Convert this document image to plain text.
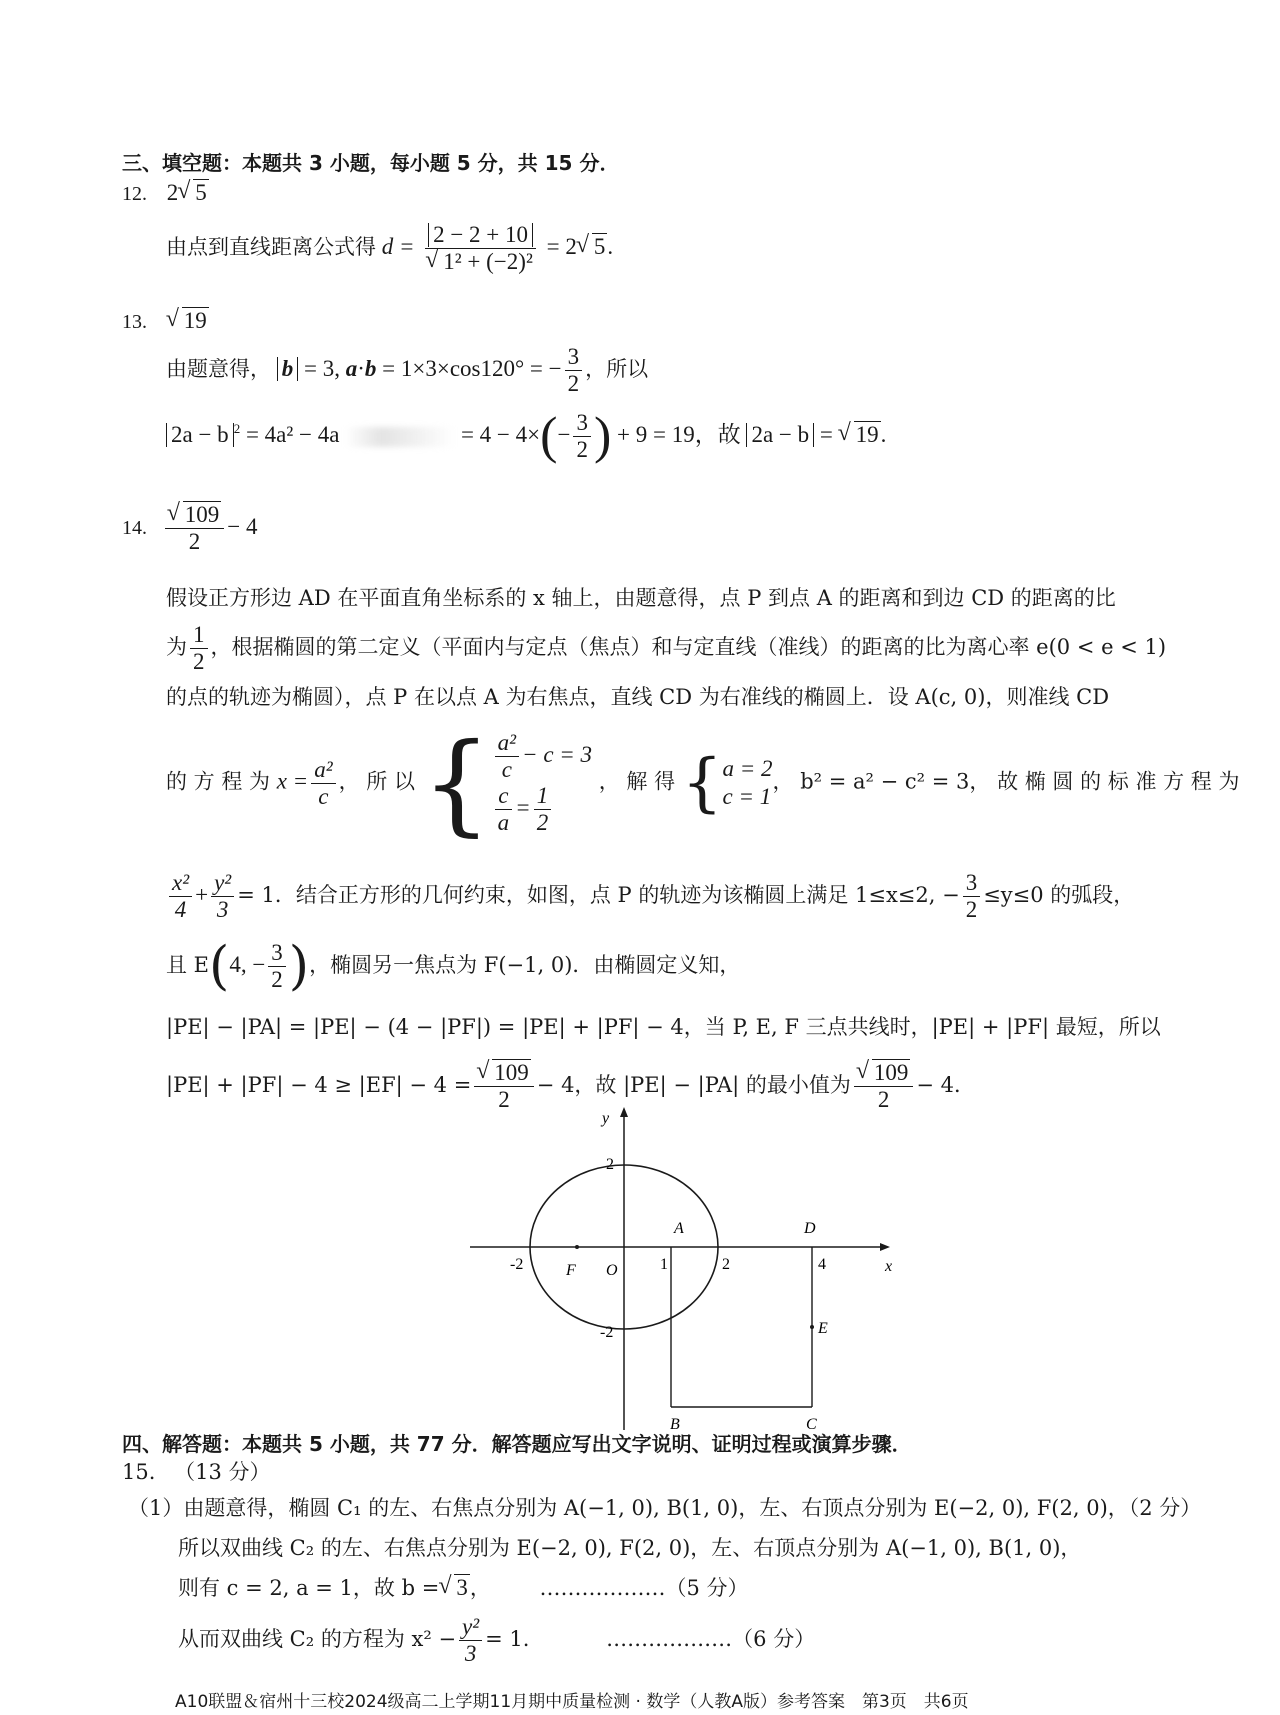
三、填空题：本题共 3 小题，每小题 5 分，共 15 分．
12. 2 √ 5
由点到直线距离公式得 d = 2 − 2 + 10
√ 1² + (−2)² = 2 √ 5.
13. √ 19
由题意得， b = 3, a·b = 1×3×cos120° = − $\frac{3}{2}$ ，所以
2a − b $^2$ = 4a² − 4a	= $4 - 4\times(- \frac{3}{2}$ ) + 9 = 19，故 2a − b = √ 19.
14. √ $\frac{109}{2} - 4$
假设正方形边 AD 在平面直角坐标系的 x 轴上，由题意得，点 P 到点 A 的距离和到边 CD 的距离的比
为 $\frac{1}{2}$ ，根据椭圆的第二定义（平面内与定点（焦点）和与定直线（准线）的距离的比为离心率 e(0 < e < 1)
的点的轨迹为椭圆），点 P 在以点 A 为右焦点，直线 CD 为右准线的椭圆上．设 A(c, 0)，则准线 CD
的 方 程 为 $x = \frac{\text{a²}}{c}$ ， 所 以 { $\frac{\text{a²}}{c} - c = 3$
$\frac{c}{a} = \frac{1}{2}$
， 解 得 { a = 2
c = 1
， b² = a² − c² = 3， 故 椭 圆 的 标 准 方 程 为
$\frac{\text{x²}}{4} + \frac{\text{y²}}{3} = 1$．结合正方形的几何约束，如图，点 P 的轨迹为该椭圆上满足 1≤x≤2, − $\frac{3}{2} \le y\le 0$ 的弧段，
且 E(4, − $\frac{3}{2}$ )，椭圆另一焦点为 F(−1, 0)．由椭圆定义知，
|PE| − |PA| = |PE| − (4 − |PF|) = |PE| + |PF| − 4，当 P, E, F 三点共线时，|PE| + |PF| 最短，所以
|PE| + |PF| − 4 ≥ |EF| − 4 = √ $\frac{109}{2} - 4$，故 |PE| − |PA| 的最小值为 √ $\frac{109}{2} - 4$．
y
x
2
-2
-2	1	2	4
F O
A	D
E
B	C
四、解答题：本题共 5 小题，共 77 分．解答题应写出文字说明、证明过程或演算步骤．
15. （13 分）
（1）由题意得，椭圆 C₁ 的左、右焦点分别为 A(−1, 0), B(1, 0)，左、右顶点分别为 E(−2, 0), F(2, 0)，（2 分）
所以双曲线 C₂ 的左、右焦点分别为 E(−2, 0), F(2, 0)，左、右顶点分别为 A(−1, 0), B(1, 0)，
则有 c = 2, a = 1，故 b = √ 3， ………………（5 分）
从而双曲线 C₂ 的方程为 $x^2 - \frac{\text{y²}}{3} = 1$.	………………（6 分）
A10联盟＆宿州十三校2024级高二上学期11月期中质量检测 · 数学（人教A版）参考答案　第3页　共6页
